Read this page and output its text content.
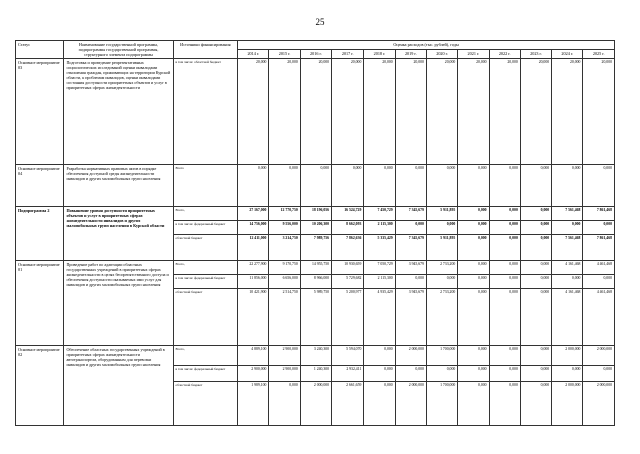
25
Статус	Наименование государственной программы, подпрограммы государственной программы, структурного элемента подпрограммы	Источники финансирования	Оценка расходов (тыс. рублей), годы											
			2014 г.	2015 г.	2016 г.	2017 г.	2018 г.	2019 г.	2020 г.	2021 г.	2022 г.	2023 г.	2024 г.	2025 г.
Основное мероприятие 03	Подготовка и проведение репрезентативных социологических исследований оценки инвалидами отношения граждан, проживающих на территории Курской области, к проблемам инвалидов, оценки инвалидами состояния доступности приоритетных объектов и услуг в приоритетных сферах жизнедеятельности	в том числе: областной бюджет	20,000	20,000	20,000	20,000	20,000	20,000	20,000	20,000	20,000	20,000	20,000	20,000
Основное мероприятие 04	Разработка нормативных правовых актов в порядке обеспечения доступной среды жизнедеятельности инвалидов и других маломобильных групп населения	Всего	0,000	0,000	0,000	0,000	0,000	0,000	0,000	0,000	0,000	0,000	0,000	0,000
Подпрограмма 2	Повышение уровня доступности приоритетных объектов и услуг в приоритетных сферах жизнедеятельности инвалидов и других маломобильных групп населения в Курской области	Всего,	27 167,000	12 770,750	18 196,056	16 524,729	7 450,729	7 345,679	5 911,895	0,000	0,000	0,000	7 561,468	7 861,468
		в том числе: федеральный бюджет	14 756,000	9 556,000	10 206,300	8 662,093	2 115,300	0,000	0,000	0,000	0,000	0,000	0,000	0,000
		областной бюджет	12 411,000	3 214,750	7 989,756	7 862,636	5 335,429	7 345,679	5 911,895	0,000	0,000	0,000	7 561,468	7 861,468
Основное мероприятие 01	Проведение работ по адаптации областных государственных учреждений в приоритетных сферах жизнедеятельности в целях беспрепятственного доступа и обеспечения доступности оказываемых ими услуг для инвалидов и других маломобильных групп населения	Всего,	22 277,900	9 170,750	14 955,750	10 930,659	7 050,729	3 945,679	2 733,200	0,000	0,000	0,000	4 161,468	4 461,468
		в том числе: федеральный бюджет	11 856,000	6 656,000	8 966,000	5 729,682	2 115,300	0,000	0,000	0,000	0,000	0,000	0,000	0,000
		областной бюджет	10 421,900	2 514,750	5 989,750	5 200,977	4 935,429	3 945,679	2 733,200	0,000	0,000	0,000	4 161,468	4 461,468
Основное мероприятие 02	Обеспечение областных государственных учреждений в приоритетных сферах жизнедеятельности автотранспортом, оборудованным для перевозки инвалидов и других маломобильных групп населения	Всего,	4 889,100	2 900,000	3 240,300	5 594,070	0,000	2 000,000	1 700,000	0,000	0,000	0,000	2 000,000	2 000,000
		в том числе: федеральный бюджет	2 900,000	2 900,000	1 240,300	2 932,411	0,000	0,000	0,000	0,000	0,000	0,000	0,000	0,000
		областной бюджет	1 989,100	0,000	2 000,000	2 661,659	0,000	2 000,000	1 700,000	0,000	0,000	0,000	2 000,000	2 000,000
